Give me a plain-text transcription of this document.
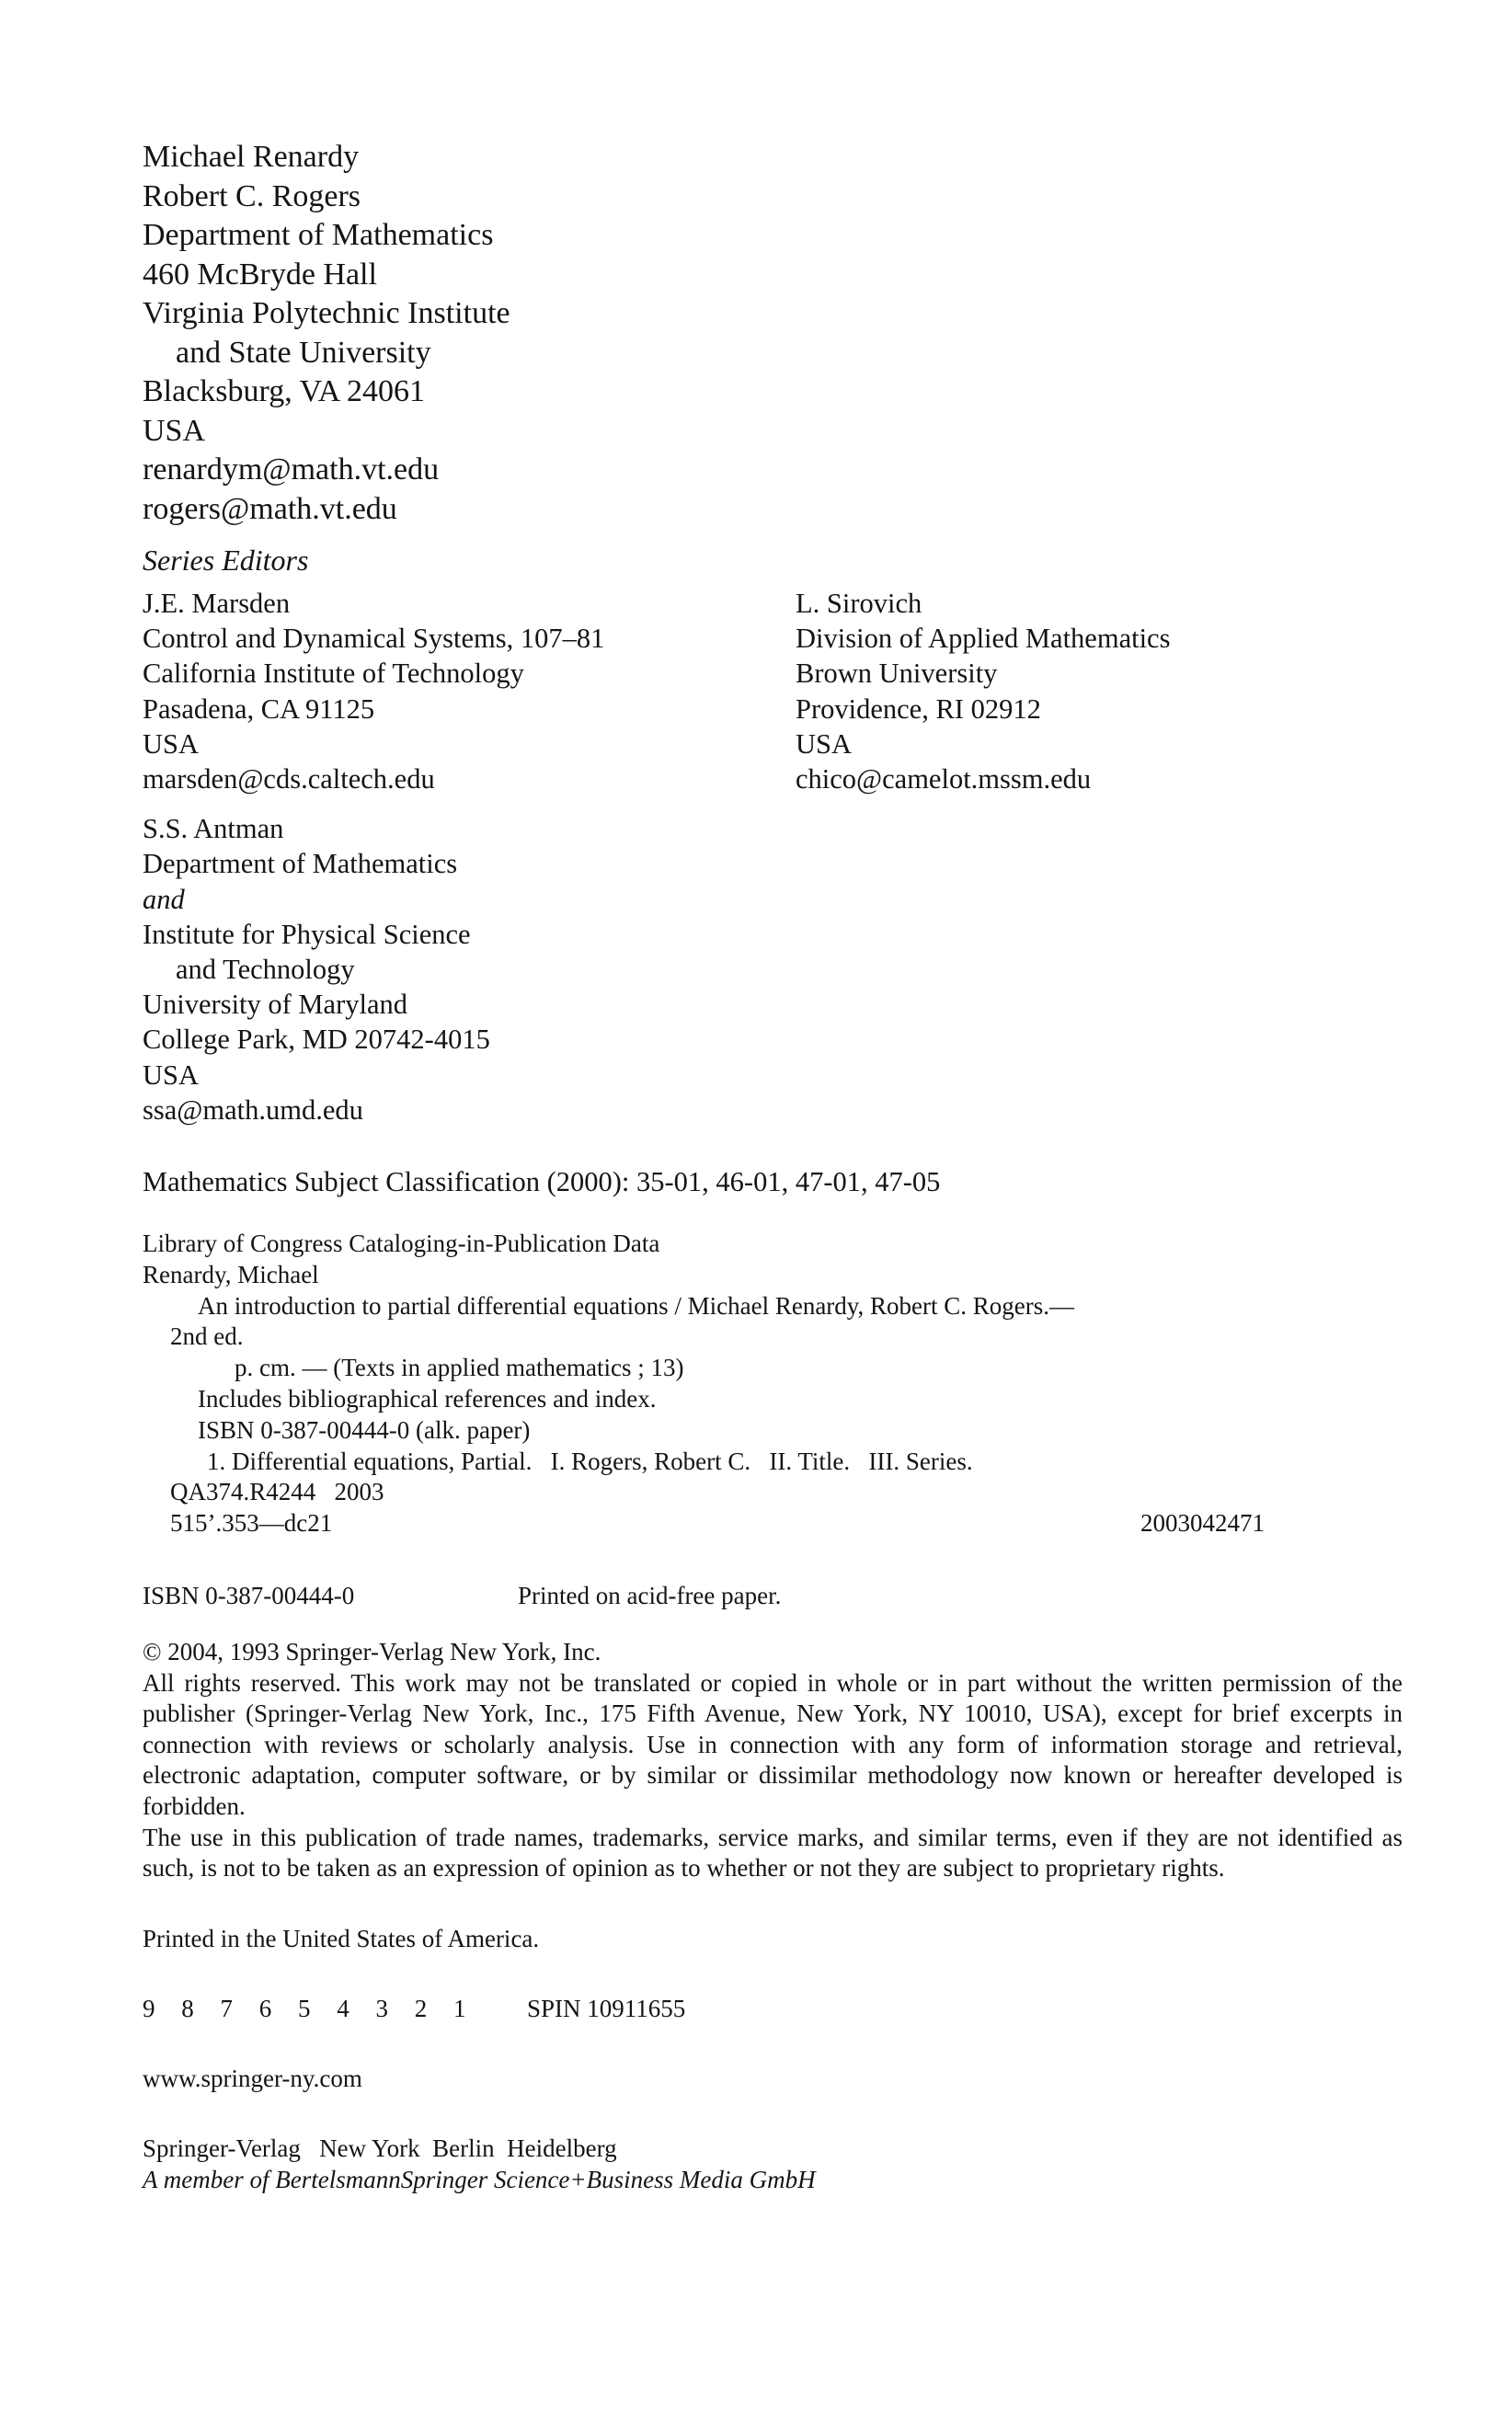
Michael Renardy
Robert C. Rogers
Department of Mathematics
460 McBryde Hall
Virginia Polytechnic Institute
and State University
Blacksburg, VA 24061
USA
renardym@math.vt.edu
rogers@math.vt.edu
Series Editors
J.E. Marsden
Control and Dynamical Systems, 107–81
California Institute of Technology
Pasadena, CA 91125
USA
marsden@cds.caltech.edu
L. Sirovich
Division of Applied Mathematics
Brown University
Providence, RI 02912
USA
chico@camelot.mssm.edu
S.S. Antman
Department of Mathematics
and
Institute for Physical Science
and Technology
University of Maryland
College Park, MD 20742-4015
USA
ssa@math.umd.edu
Mathematics Subject Classification (2000): 35-01, 46-01, 47-01, 47-05
Library of Congress Cataloging-in-Publication Data
Renardy, Michael
An introduction to partial differential equations / Michael Renardy, Robert C. Rogers.—
2nd ed.
p. cm. — (Texts in applied mathematics ; 13)
Includes bibliographical references and index.
ISBN 0-387-00444-0 (alk. paper)
1. Differential equations, Partial.   I. Rogers, Robert C.   II. Title.   III. Series.
QA374.R4244   2003
515’.353—dc21	2003042471
ISBN 0-387-00444-0	Printed on acid-free paper.

© 2004, 1993 Springer-Verlag New York, Inc.

All rights reserved. This work may not be translated or copied in whole or in part without the written permission of the publisher (Springer-Verlag New York, Inc., 175 Fifth Avenue, New York, NY 10010, USA), except for brief excerpts in connection with reviews or scholarly analysis. Use in connection with any form of information storage and retrieval, electronic adaptation, computer software, or by similar or dissimilar methodology now known or hereafter developed is forbidden.

The use in this publication of trade names, trademarks, service marks, and similar terms, even if they are not identified as such, is not to be taken as an expression of opinion as to whether or not they are subject to proprietary rights.

Printed in the United States of America.
9 8 7 6 5 4 3 2 1	SPIN 10911655
www.springer-ny.com
Springer-Verlag   New York  Berlin  Heidelberg
A member of BertelsmannSpringer Science+Business Media GmbH
